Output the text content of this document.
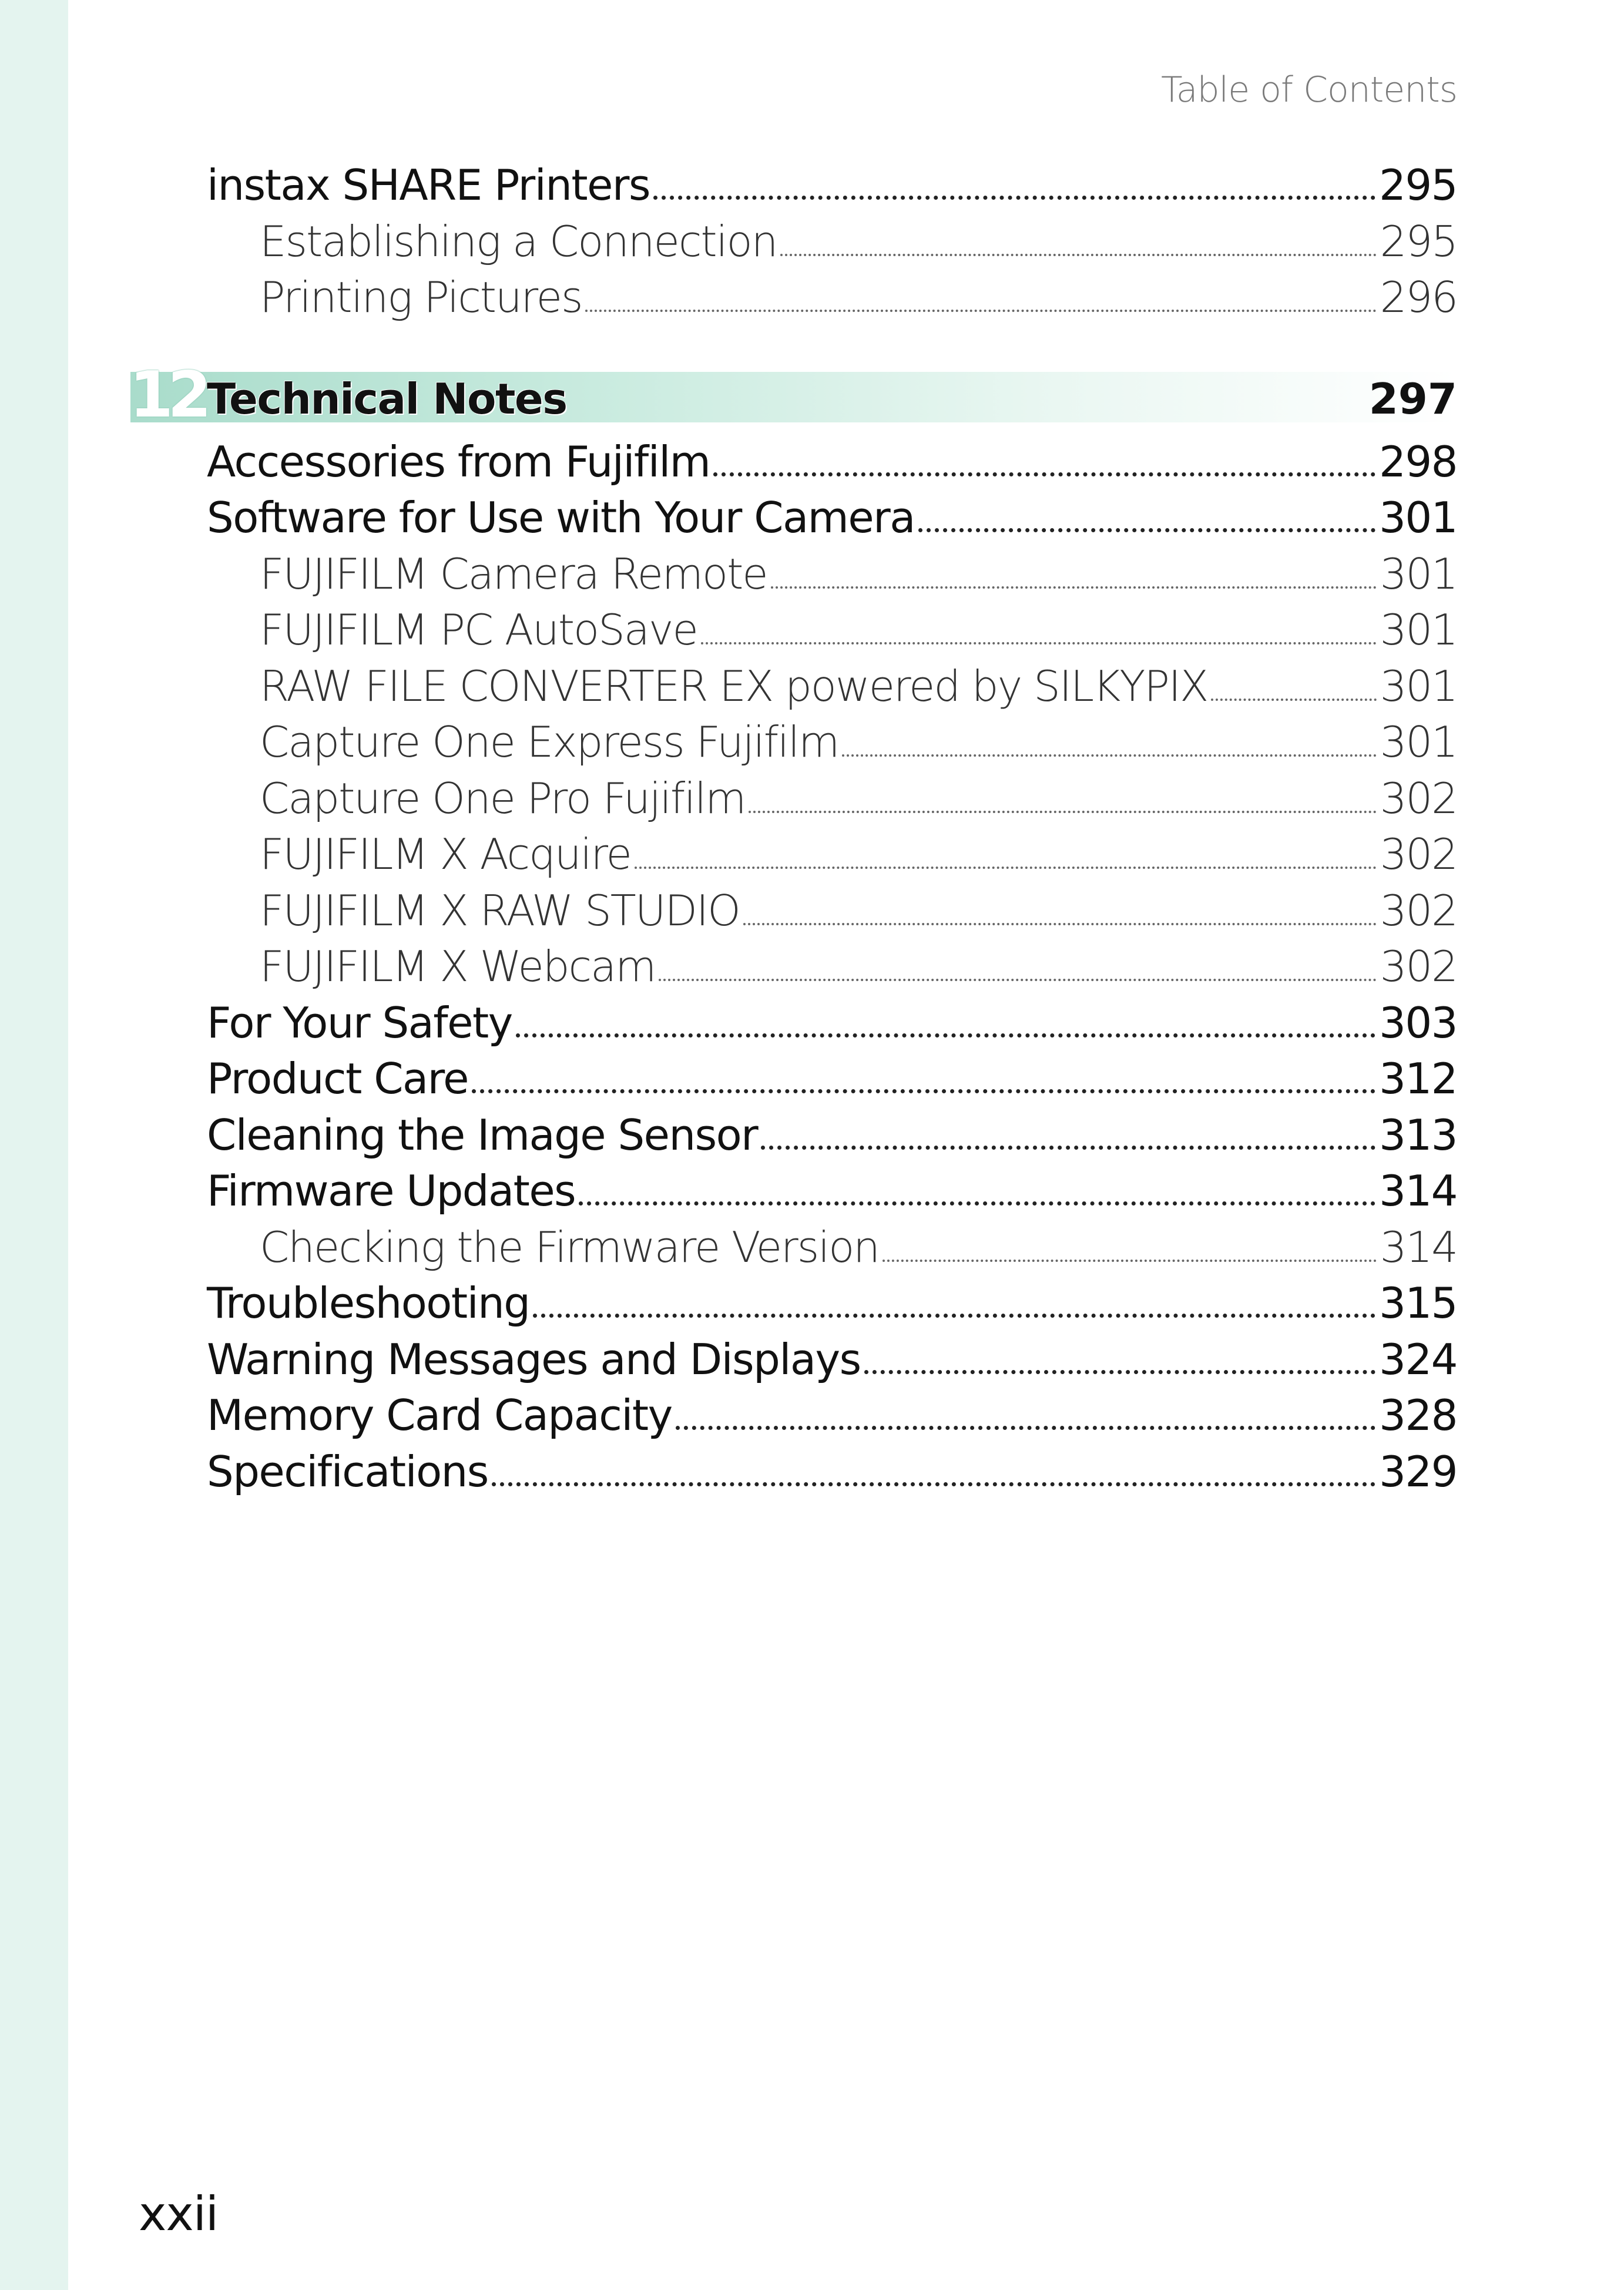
Table of Contents
instax SHARE Printers	295
Establishing a Connection	295
Printing Pictures	296
12 Technical Notes	297
Accessories from Fujifilm	298
Software for Use with Your Camera	301
FUJIFILM Camera Remote	301
FUJIFILM PC AutoSave	301
RAW FILE CONVERTER EX powered by SILKYPIX	301
Capture One Express Fujifilm	301
Capture One Pro Fujifilm	302
FUJIFILM X Acquire	302
FUJIFILM X RAW STUDIO	302
FUJIFILM X Webcam	302
For Your Safety	303
Product Care	312
Cleaning the Image Sensor	313
Firmware Updates	314
Checking the Firmware Version	314
Troubleshooting	315
Warning Messages and Displays	324
Memory Card Capacity	328
Specifications	329
xxii
